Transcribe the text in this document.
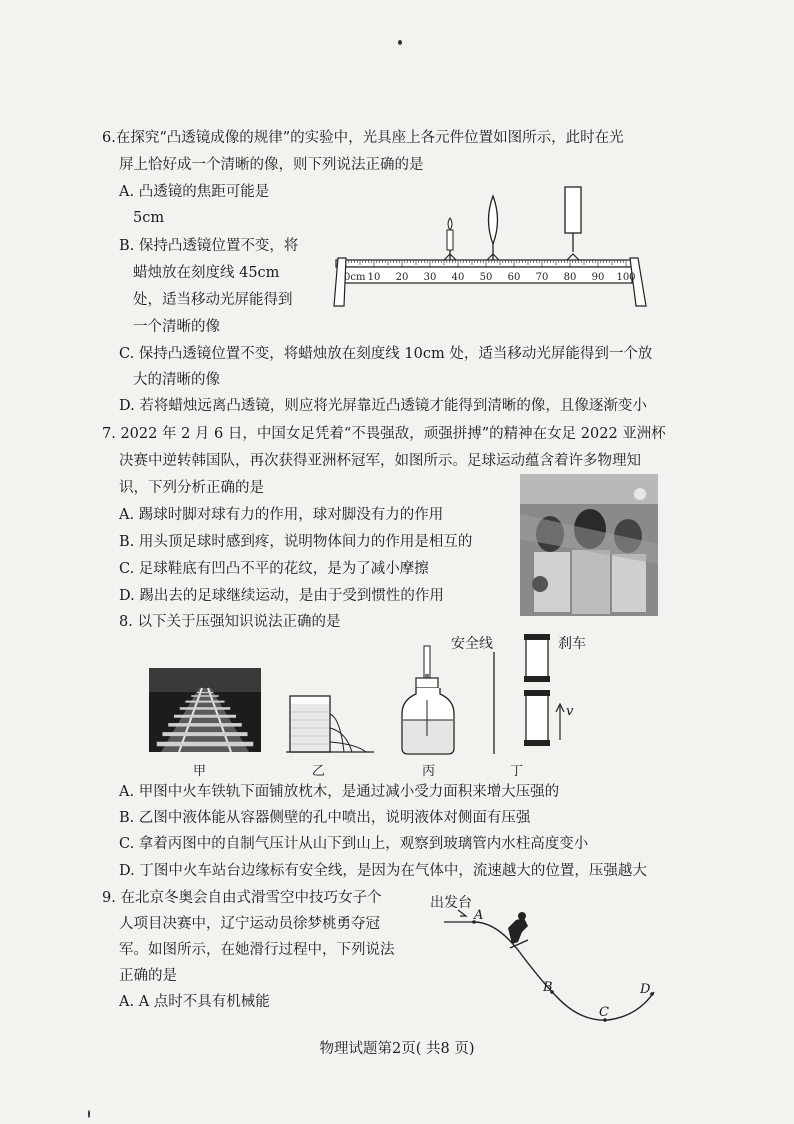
6.在探究“凸透镜成像的规律”的实验中，光具座上各元件位置如图所示，此时在光
屏上恰好成一个清晰的像，则下列说法正确的是
A. 凸透镜的焦距可能是
5cm
B. 保持凸透镜位置不变，将
蜡烛放在刻度线 45cm
处，适当移动光屏能得到
一个清晰的像
C. 保持凸透镜位置不变，将蜡烛放在刻度线 10cm 处，适当移动光屏能得到一个放
大的清晰的像
D. 若将蜡烛远离凸透镜，则应将光屏靠近凸透镜才能得到清晰的像，且像逐渐变小
0cm 10 20 30 40 50 60 70 80 90 100
7. 2022 年 2 月 6 日，中国女足凭着“不畏强敌，顽强拼搏”的精神在女足 2022 亚洲杯
决赛中逆转韩国队，再次获得亚洲杯冠军，如图所示。足球运动蕴含着许多物理知
识，下列分析正确的是
A. 踢球时脚对球有力的作用，球对脚没有力的作用
B. 用头顶足球时感到疼，说明物体间力的作用是相互的
C. 足球鞋底有凹凸不平的花纹，是为了减小摩擦
D. 踢出去的足球继续运动，是由于受到惯性的作用
8. 以下关于压强知识说法正确的是
甲	乙	丙
安全线	刹车
v
丁
A. 甲图中火车铁轨下面铺放枕木，是通过减小受力面积来增大压强的
B. 乙图中液体能从容器侧壁的孔中喷出，说明液体对侧面有压强
C. 拿着丙图中的自制气压计从山下到山上，观察到玻璃管内水柱高度变小
D. 丁图中火车站台边缘标有安全线，是因为在气体中，流速越大的位置，压强越大
9. 在北京冬奥会自由式滑雪空中技巧女子个
人项目决赛中，辽宁运动员徐梦桃勇夺冠
军。如图所示，在她滑行过程中，下列说法
正确的是
A. A 点时不具有机械能
出发台
A
B
C
D
物理试题第2页( 共8 页)
